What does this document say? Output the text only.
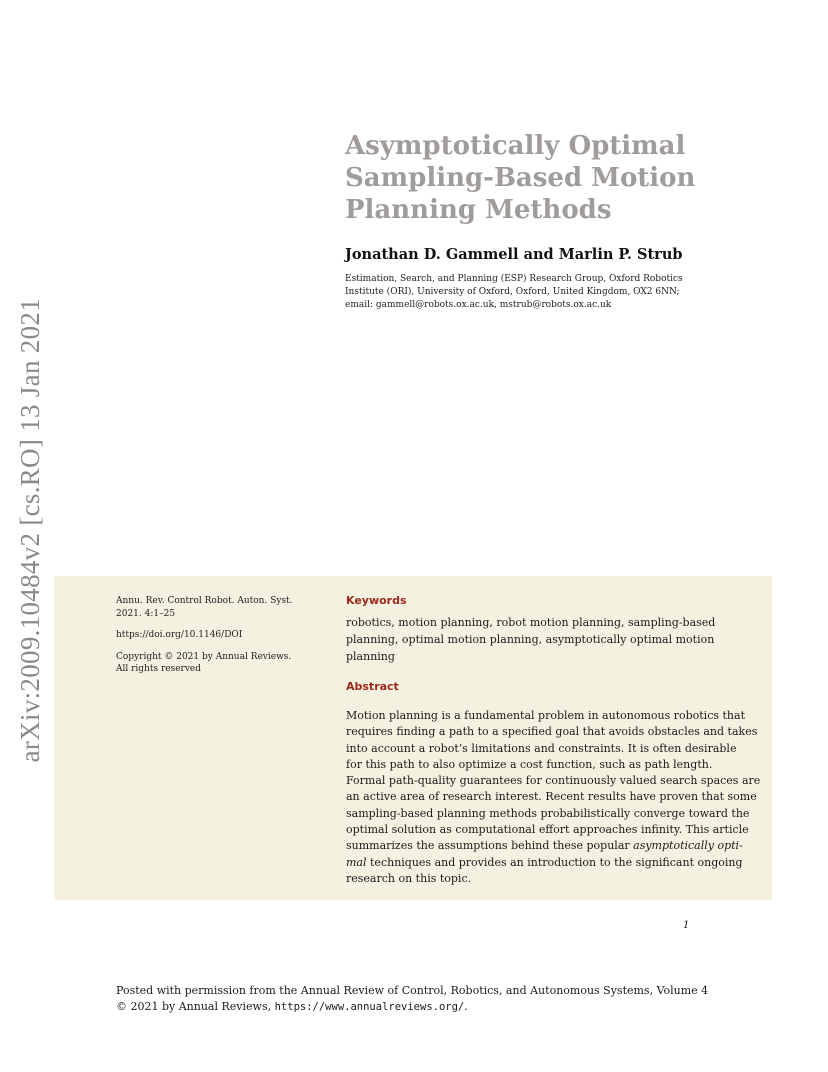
arXiv:2009.10484v2 [cs.RO] 13 Jan 2021
Asymptotically Optimal
Sampling-Based Motion
Planning Methods
Jonathan D. Gammell and Marlin P. Strub
Estimation, Search, and Planning (ESP) Research Group, Oxford Robotics
Institute (ORI), University of Oxford, Oxford, United Kingdom, OX2 6NN;
email: gammell@robots.ox.ac.uk, mstrub@robots.ox.ac.uk

Annu. Rev. Control Robot. Auton. Syst.
2021. 4:1–25

https://doi.org/10.1146/DOI

Copyright © 2021 by Annual Reviews.
All rights reserved

Keywords
robotics, motion planning, robot motion planning, sampling-based
planning, optimal motion planning, asymptotically optimal motion
planning
Abstract
Motion planning is a fundamental problem in autonomous robotics that
requires finding a path to a specified goal that avoids obstacles and takes
into account a robot’s limitations and constraints. It is often desirable
for this path to also optimize a cost function, such as path length.
Formal path-quality guarantees for continuously valued search spaces are
an active area of research interest. Recent results have proven that some
sampling-based planning methods probabilistically converge toward the
optimal solution as computational effort approaches infinity. This article
summarizes the assumptions behind these popular asymptotically opti-
mal techniques and provides an introduction to the significant ongoing
research on this topic.
1
Posted with permission from the Annual Review of Control, Robotics, and Autonomous Systems, Volume 4
© 2021 by Annual Reviews, https://www.annualreviews.org/.
